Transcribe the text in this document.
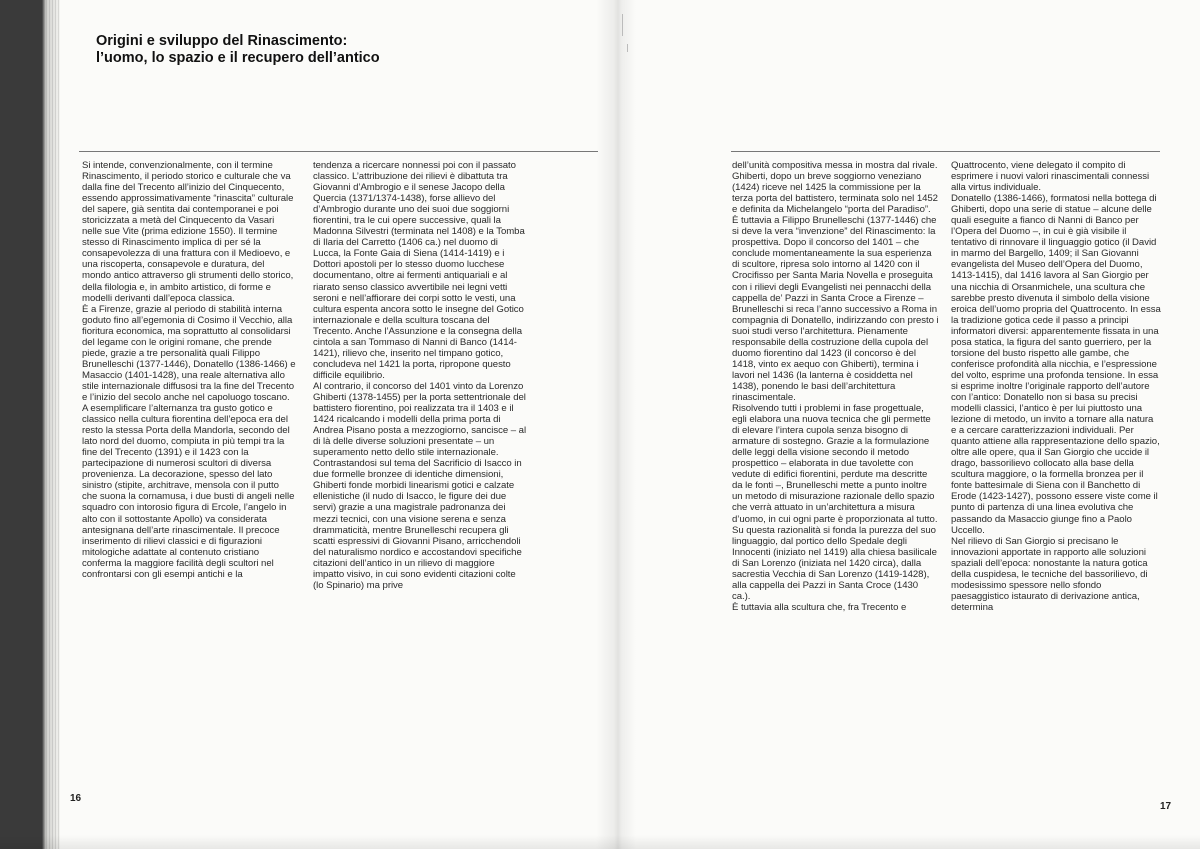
Origini e sviluppo del Rinascimento:
l’uomo, lo spazio e il recupero dell’antico

Si intende, convenzionalmente, con il termine Rinascimento, il periodo storico e culturale che va dalla fine del Trecento all’inizio del Cinquecento, essendo approssimativamente “rinascita” culturale del sapere, già sentita dai contemporanei e poi storicizzata a metà del Cinquecento da Vasari nelle sue Vite (prima edizione 1550). Il termine stesso di Rinascimento implica di per sé la consapevolezza di una frattura con il Medioevo, e una riscoperta, consapevole e duratura, del mondo antico attraverso gli strumenti dello storico, della filologia e, in ambito artistico, di forme e modelli derivanti dall’epoca classica.

È a Firenze, grazie al periodo di stabilità interna goduto fino all’egemonia di Cosimo il Vecchio, alla fioritura economica, ma soprattutto al consolidarsi del legame con le origini romane, che prende piede, grazie a tre personalità quali Filippo Brunelleschi (1377-1446), Donatello (1386-1466) e Masaccio (1401-1428), una reale alternativa allo stile internazionale diffusosi tra la fine del Trecento e l’inizio del secolo anche nel capoluogo toscano.

A esemplificare l’alternanza tra gusto gotico e classico nella cultura fiorentina dell’epoca era del resto la stessa Porta della Mandorla, secondo del lato nord del duomo, compiuta in più tempi tra la fine del Trecento (1391) e il 1423 con la partecipazione di numerosi scultori di diversa provenienza. La decorazione, spesso del lato sinistro (stipite, architrave, mensola con il putto che suona la cornamusa, i due busti di angeli nelle squadro con intorosio figura di Ercole, l’angelo in alto con il sottostante Apollo) va considerata antesignana dell’arte rinascimentale. Il precoce inserimento di rilievi classici e di figurazioni mitologiche adattate al contenuto cristiano conferma la maggiore facilità degli scultori nel confrontarsi con gli esempi antichi e la

tendenza a ricercare nonnessi poi con il passato classico. L’attribuzione dei rilievi è dibattuta tra Giovanni d’Ambrogio e il senese Jacopo della Quercia (1371/1374-1438), forse allievo del d’Ambrogio durante uno dei suoi due soggiorni fiorentini, tra le cui opere successive, quali la Madonna Silvestri (terminata nel 1408) e la Tomba di Ilaria del Carretto (1406 ca.) nel duomo di Lucca, la Fonte Gaia di Siena (1414-1419) e i Dottori apostoli per lo stesso duomo lucchese documentano, oltre ai fermenti antiquariali e al riarato senso classico avvertibile nei legni vetti seroni e nell’affiorare dei corpi sotto le vesti, una cultura espenta ancora sotto le insegne del Gotico internazionale e della scultura toscana del Trecento. Anche l’Assunzione e la consegna della cintola a san Tommaso di Nanni di Banco (1414-1421), rilievo che, inserito nel timpano gotico, concludeva nel 1421 la porta, ripropone questo difficile equilibrio.

Al contrario, il concorso del 1401 vinto da Lorenzo Ghiberti (1378-1455) per la porta settentrionale del battistero fiorentino, poi realizzata tra il 1403 e il 1424 ricalcando i modelli della prima porta di Andrea Pisano posta a mezzogiorno, sancisce – al di là delle diverse soluzioni presentate – un superamento netto dello stile internazionale. Contrastandosi sul tema del Sacrificio di Isacco in due formelle bronzee di identiche dimensioni, Ghiberti fonde morbidi linearismi gotici e calzate ellenistiche (il nudo di Isacco, le figure dei due servi) grazie a una magistrale padronanza dei mezzi tecnici, con una visione serena e senza drammaticità, mentre Brunelleschi recupera gli scatti espressivi di Giovanni Pisano, arricchendoli del naturalismo nordico e accostandovi specifiche citazioni dell’antico in un rilievo di maggiore impatto visivo, in cui sono evidenti citazioni colte (lo Spinario) ma prive

dell’unità compositiva messa in mostra dal rivale. Ghiberti, dopo un breve soggiorno veneziano (1424) riceve nel 1425 la commissione per la terza porta del battistero, terminata solo nel 1452 e definita da Michelangelo “porta del Paradiso”.

È tuttavia a Filippo Brunelleschi (1377-1446) che si deve la vera “invenzione” del Rinascimento: la prospettiva. Dopo il concorso del 1401 – che conclude momentaneamente la sua esperienza di scultore, ripresa solo intorno al 1420 con il Crocifisso per Santa Maria Novella e proseguita con i rilievi degli Evangelisti nei pennacchi della cappella de’ Pazzi in Santa Croce a Firenze – Brunelleschi si reca l’anno successivo a Roma in compagnia di Donatello, indirizzando con presto i suoi studi verso l’architettura. Pienamente responsabile della costruzione della cupola del duomo fiorentino dal 1423 (il concorso è del 1418, vinto ex aequo con Ghiberti), termina i lavori nel 1436 (la lanterna è cosiddetta nel 1438), ponendo le basi dell’architettura rinascimentale.

Risolvendo tutti i problemi in fase progettuale, egli elabora una nuova tecnica che gli permette di elevare l’intera cupola senza bisogno di armature di sostegno. Grazie a la formulazione delle leggi della visione secondo il metodo prospettico – elaborata in due tavolette con vedute di edifici fiorentini, perdute ma descritte da le fonti –, Brunelleschi mette a punto inoltre un metodo di misurazione razionale dello spazio che verrà attuato in un’architettura a misura d’uomo, in cui ogni parte è proporzionata al tutto. Su questa razionalità si fonda la purezza del suo linguaggio, dal portico dello Spedale degli Innocenti (iniziato nel 1419) alla chiesa basilicale di San Lorenzo (iniziata nel 1420 circa), dalla sacrestia Vecchia di San Lorenzo (1419-1428), alla cappella dei Pazzi in Santa Croce (1430 ca.).

È tuttavia alla scultura che, fra Trecento e

Quattrocento, viene delegato il compito di esprimere i nuovi valori rinascimentali connessi alla virtus individuale.

Donatello (1386-1466), formatosi nella bottega di Ghiberti, dopo una serie di statue – alcune delle quali eseguite a fianco di Nanni di Banco per l’Opera del Duomo –, in cui è già visibile il tentativo di rinnovare il linguaggio gotico (il David in marmo del Bargello, 1409; il San Giovanni evangelista del Museo dell’Opera del Duomo, 1413-1415), dal 1416 lavora al San Giorgio per una nicchia di Orsanmichele, una scultura che sarebbe presto divenuta il simbolo della visione eroica dell’uomo propria del Quattrocento. In essa la tradizione gotica cede il passo a principi informatori diversi: apparentemente fissata in una posa statica, la figura del santo guerriero, per la torsione del busto rispetto alle gambe, che conferisce profondità alla nicchia, e l’espressione del volto, esprime una profonda tensione. In essa si esprime inoltre l’originale rapporto dell’autore con l’antico: Donatello non si basa su precisi modelli classici, l’antico è per lui piuttosto una lezione di metodo, un invito a tornare alla natura e a cercare caratterizzazioni individuali. Per quanto attiene alla rappresentazione dello spazio, oltre alle opere, qua il San Giorgio che uccide il drago, bassorilievo collocato alla base della scultura maggiore, o la formella bronzea per il fonte battesimale di Siena con il Banchetto di Erode (1423-1427), possono essere viste come il punto di partenza di una linea evolutiva che passando da Masaccio giunge fino a Paolo Uccello.

Nel rilievo di San Giorgio si precisano le innovazioni apportate in rapporto alle soluzioni spaziali dell’epoca: nonostante la natura gotica della cuspidesa, le tecniche del bassorilievo, di modesissimo spessore nello sfondo paesaggistico istaurato di derivazione antica, determina

16
17
